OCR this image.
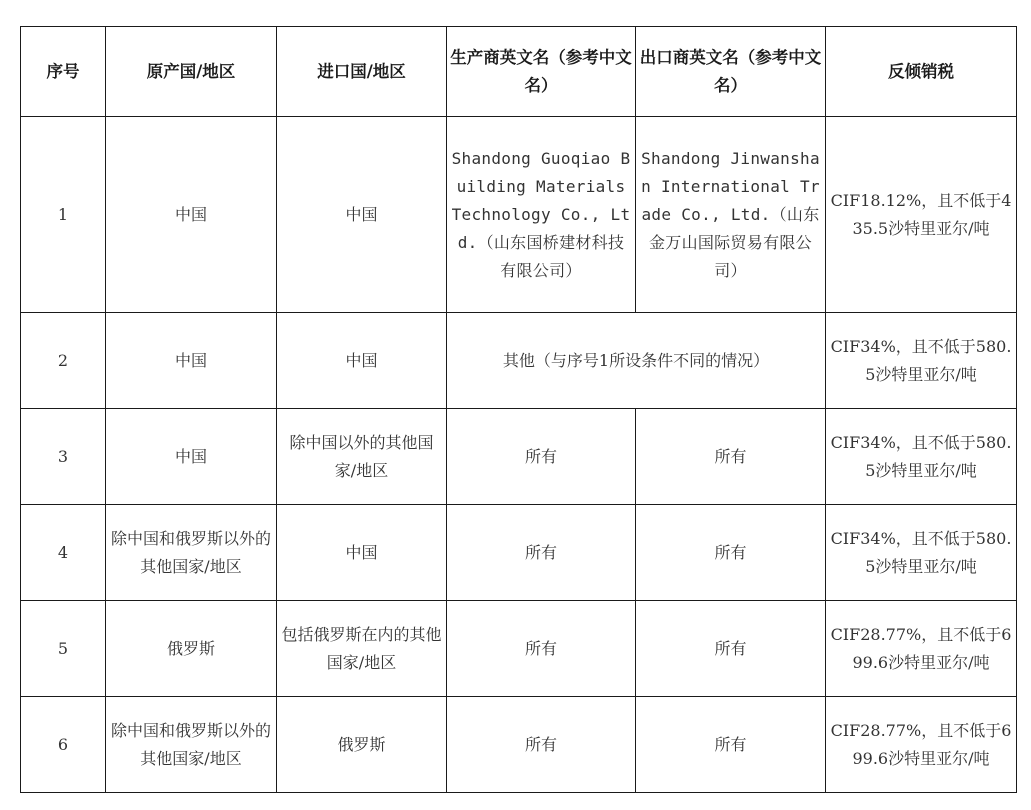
序号	原产国/地区	进口国/地区	生产商英文名（参考中文名）	出口商英文名（参考中文名）	反倾销税
1	中国	中国	Shandong Guoqiao Building Materials Technology Co., Ltd.（山东国桥建材科技有限公司）	Shandong Jinwanshan International Trade Co., Ltd.（山东金万山国际贸易有限公司）	CIF18.12%，且不低于435.5沙特里亚尔/吨
2	中国	中国	其他（与序号1所设条件不同的情况）		CIF34%，且不低于580.5沙特里亚尔/吨
3	中国	除中国以外的其他国家/地区	所有	所有	CIF34%，且不低于580.5沙特里亚尔/吨
4	除中国和俄罗斯以外的其他国家/地区	中国	所有	所有	CIF34%，且不低于580.5沙特里亚尔/吨
5	俄罗斯	包括俄罗斯在内的其他国家/地区	所有	所有	CIF28.77%，且不低于699.6沙特里亚尔/吨
6	除中国和俄罗斯以外的其他国家/地区	俄罗斯	所有	所有	CIF28.77%，且不低于699.6沙特里亚尔/吨
